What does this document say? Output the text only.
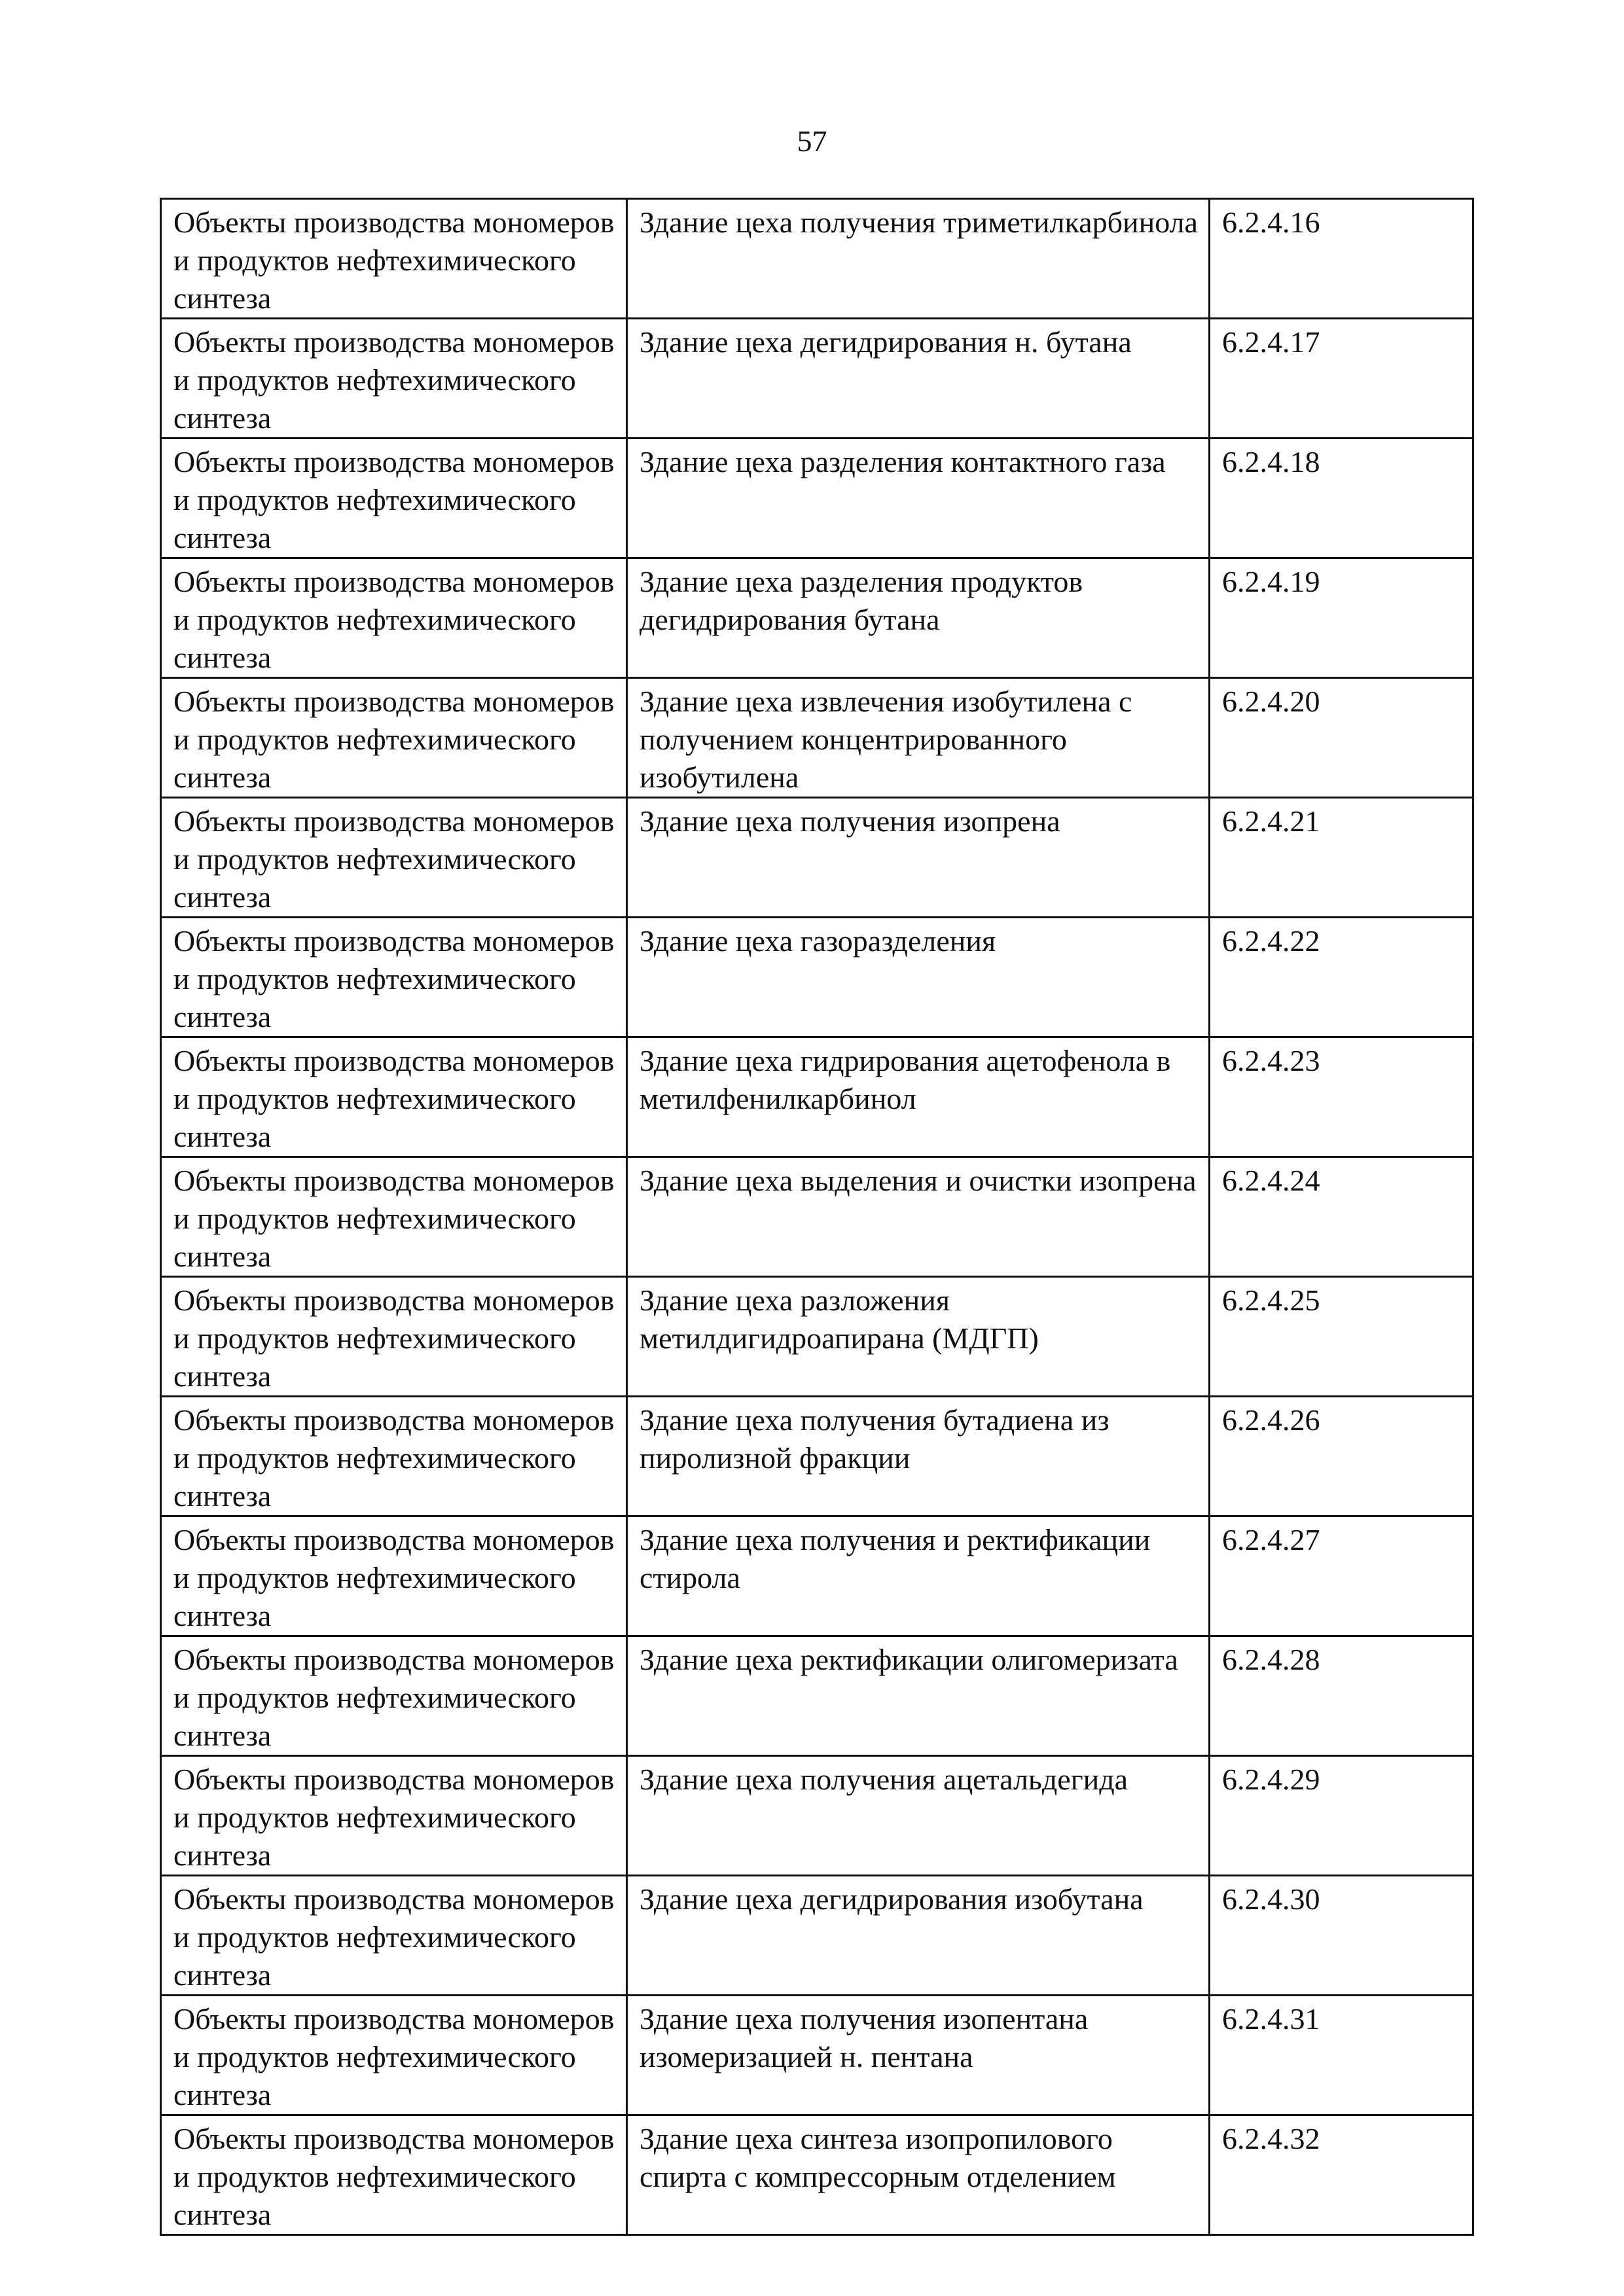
57
Объекты производства мономеров и продуктов нефтехимического синтеза	Здание цеха получения триметилкарбинола	6.2.4.16
Объекты производства мономеров и продуктов нефтехимического синтеза	Здание цеха дегидрирования н. бутана	6.2.4.17
Объекты производства мономеров и продуктов нефтехимического синтеза	Здание цеха разделения контактного газа	6.2.4.18
Объекты производства мономеров и продуктов нефтехимического синтеза	Здание цеха разделения продуктов дегидрирования бутана	6.2.4.19
Объекты производства мономеров и продуктов нефтехимического синтеза	Здание цеха извлечения изобутилена с получением концентрированного изобутилена	6.2.4.20
Объекты производства мономеров и продуктов нефтехимического синтеза	Здание цеха получения изопрена	6.2.4.21
Объекты производства мономеров и продуктов нефтехимического синтеза	Здание цеха газоразделения	6.2.4.22
Объекты производства мономеров и продуктов нефтехимического синтеза	Здание цеха гидрирования ацетофенола в метилфенилкарбинол	6.2.4.23
Объекты производства мономеров и продуктов нефтехимического синтеза	Здание цеха выделения и очистки изопрена	6.2.4.24
Объекты производства мономеров и продуктов нефтехимического синтеза	Здание цеха разложения метилдигидроапирана (МДГП)	6.2.4.25
Объекты производства мономеров и продуктов нефтехимического синтеза	Здание цеха получения бутадиена из пиролизной фракции	6.2.4.26
Объекты производства мономеров и продуктов нефтехимического синтеза	Здание цеха получения и ректификации стирола	6.2.4.27
Объекты производства мономеров и продуктов нефтехимического синтеза	Здание цеха ректификации олигомеризата	6.2.4.28
Объекты производства мономеров и продуктов нефтехимического синтеза	Здание цеха получения ацетальдегида	6.2.4.29
Объекты производства мономеров и продуктов нефтехимического синтеза	Здание цеха дегидрирования изобутана	6.2.4.30
Объекты производства мономеров и продуктов нефтехимического синтеза	Здание цеха получения изопентана изомеризацией н. пентана	6.2.4.31
Объекты производства мономеров и продуктов нефтехимического синтеза	Здание цеха синтеза изопропилового спирта с компрессорным отделением	6.2.4.32
